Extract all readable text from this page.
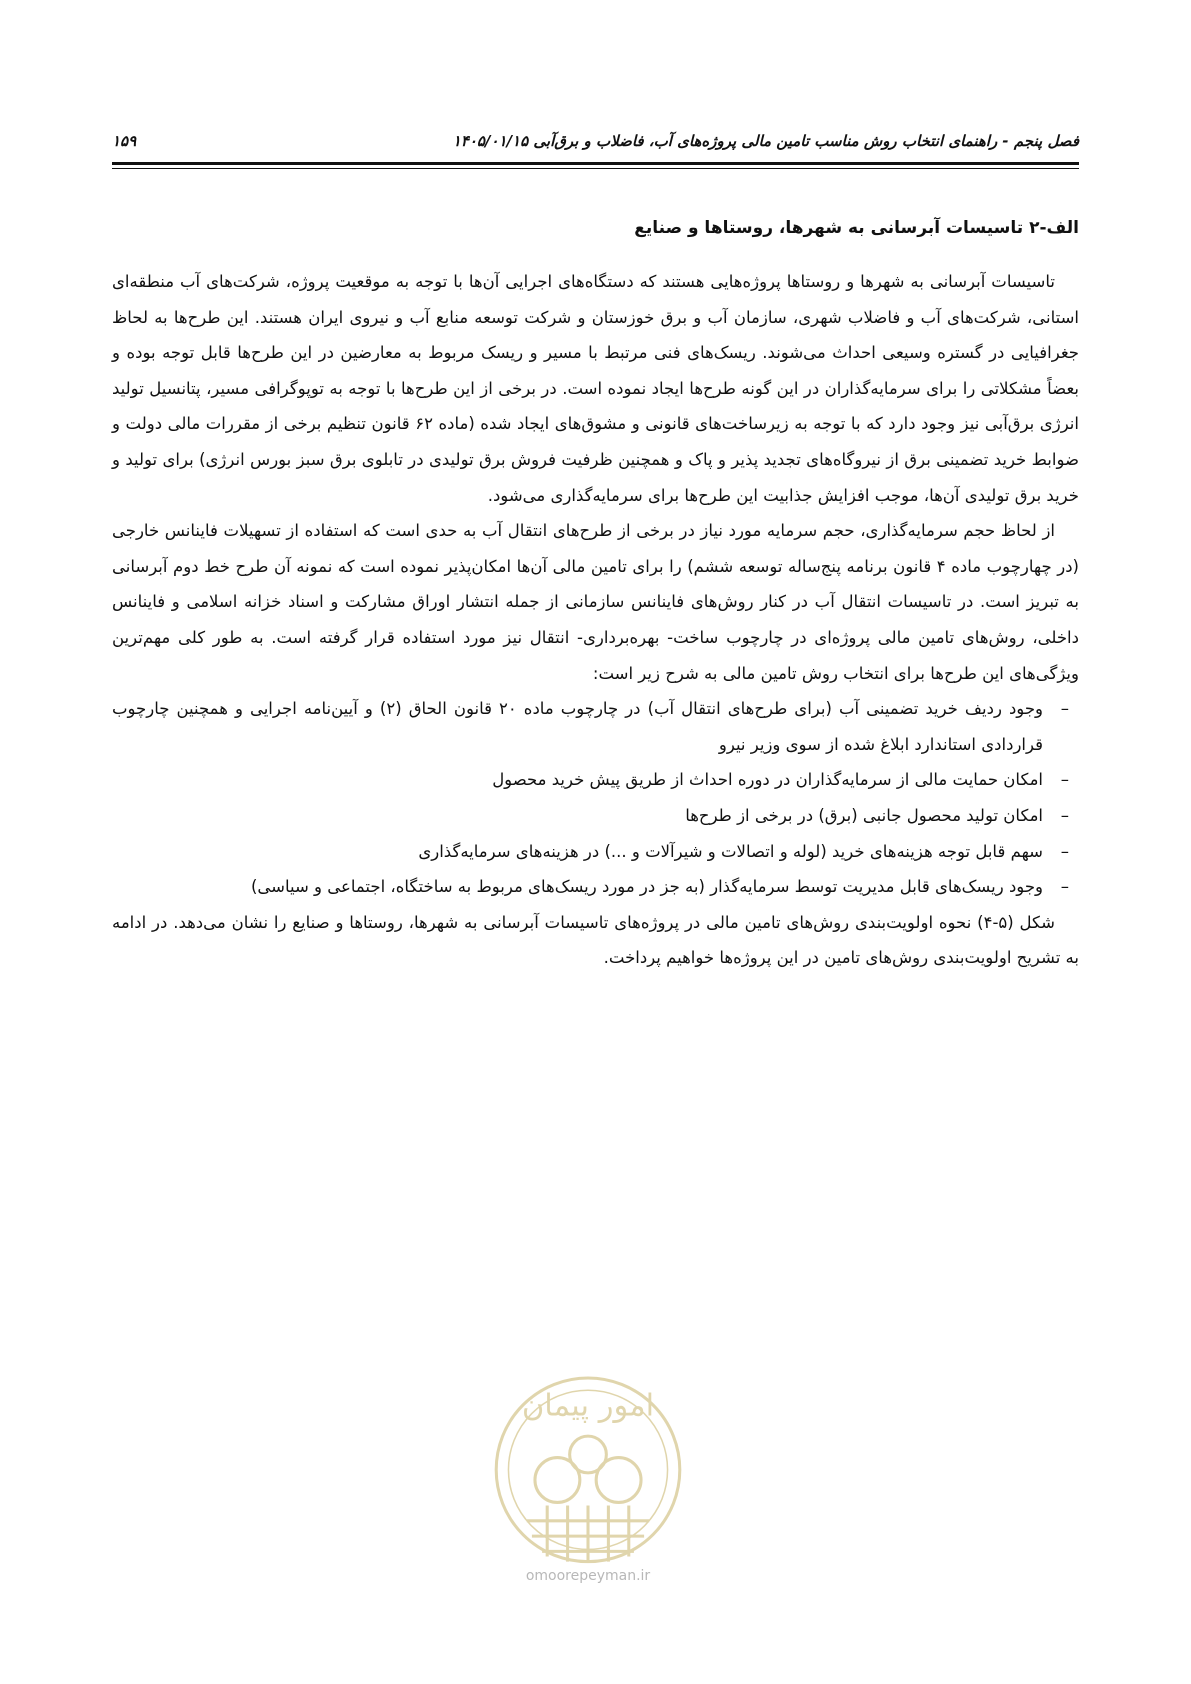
فصل پنجم - راهنمای انتخاب روش مناسب تامین مالی پروژه‌های آب، فاضلاب و برق‌آبی ۱۴۰۵/۰۱/۱۵
۱۵۹
الف-۲ تاسیسات آبرسانی به شهرها، روستاها و صنایع

تاسیسات آبرسانی به شهرها و روستاها پروژه‌هایی هستند که دستگاه‌های اجرایی آن‌ها با توجه به موقعیت پروژه، شرکت‌های آب منطقه‌ای استانی، شرکت‌های آب و فاضلاب شهری، سازمان آب و برق خوزستان و شرکت توسعه منابع آب و نیروی ایران هستند. این طرح‌ها به لحاظ جغرافیایی در گستره وسیعی احداث می‌شوند. ریسک‌های فنی مرتبط با مسیر و ریسک مربوط به معارضین در این طرح‌ها قابل توجه بوده و بعضاً مشکلاتی را برای سرمایه‌گذاران در این گونه طرح‌ها ایجاد نموده است. در برخی از این طرح‌ها با توجه به توپوگرافی مسیر، پتانسیل تولید انرژی برق‌آبی نیز وجود دارد که با توجه به زیرساخت‌های قانونی و مشوق‌های ایجاد شده (ماده ۶۲ قانون تنظیم برخی از مقررات مالی دولت و ضوابط خرید تضمینی برق از نیروگاه‌های تجدید پذیر و پاک و همچنین ظرفیت فروش برق تولیدی در تابلوی برق سبز بورس انرژی) برای تولید و خرید برق تولیدی آن‌ها، موجب افزایش جذابیت این طرح‌ها برای سرمایه‌گذاری می‌شود.

از لحاظ حجم سرمایه‌گذاری، حجم سرمایه مورد نیاز در برخی از طرح‌های انتقال آب به حدی است که استفاده از تسهیلات فاینانس خارجی (در چهارچوب ماده ۴ قانون برنامه پنج‌ساله توسعه ششم) را برای تامین مالی آن‌ها امکان‌پذیر نموده است که نمونه آن طرح خط دوم آبرسانی به تبریز است. در تاسیسات انتقال آب در کنار روش‌های فاینانس سازمانی از جمله انتشار اوراق مشارکت و اسناد خزانه اسلامی و فاینانس داخلی، روش‌های تامین مالی پروژه‌ای در چارچوب ساخت- بهره‌برداری- انتقال نیز مورد استفاده قرار گرفته است. به طور کلی مهم‌ترین ویژگی‌های این طرح‌ها برای انتخاب روش تامین مالی به شرح زیر است:

–
وجود ردیف خرید تضمینی آب (برای طرح‌های انتقال آب) در چارچوب ماده ۲۰ قانون الحاق (۲) و آیین‌نامه اجرایی و همچنین چارچوب قراردادی استاندارد ابلاغ شده از سوی وزیر نیرو
–
امکان حمایت مالی از سرمایه‌گذاران در دوره احداث از طریق پیش خرید محصول
–
امکان تولید محصول جانبی (برق) در برخی از طرح‌ها
–
سهم قابل توجه هزینه‌های خرید (لوله و اتصالات و شیرآلات و ...) در هزینه‌های سرمایه‌گذاری
–
وجود ریسک‌های قابل مدیریت توسط سرمایه‌گذار (به جز در مورد ریسک‌های مربوط به ساختگاه، اجتماعی و سیاسی)

شکل (۵-۴) نحوه اولویت‌بندی روش‌های تامین مالی در پروژه‌های تاسیسات آبرسانی به شهرها، روستاها و صنایع را نشان می‌دهد. در ادامه به تشریح اولویت‌بندی روش‌های تامین در این پروژه‌ها خواهیم پرداخت.

امور پیمان
omoorepeyman.ir
